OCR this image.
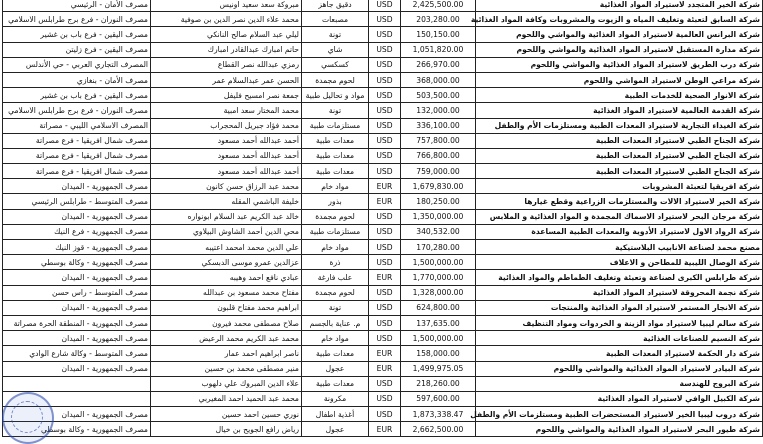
مصرف الأمان - الرئيسي	مبروكة سعد سعيد اونيس	دقيق جاهز	USD	2,425,500.00	شركة الخير المتجدد لاستيراد المواد الغذائية
مصرف النوران - فرع برج طرابلس الاسلامي	محمد علاء الدين نصر الدين بن صوفية	مصبعات	USD	203,280.00	شركة السابق لتعبئة وتغليف المياه و الزيوت والمشروبات وكافة المواد الغذائية
مصرف اليقين - فرع باب بن غشير	ليلي عبد السلام صالح النانكي	تونة	USD	150,150.00	شركة البرانس العالمية لاستيراد المواد الغذائية والمواشي واللحوم
مصرف اليقين - فرع زليتن	حاتم امبارك عبدالقادر امبارك	شاي	USD	1,051,820.00	شركة مدارة المستقبل لاستيراد المواد الغذائية والمواشي واللحوم
المصرف التجاري العربي - حي الأندلس	رمزي عبدالله نصر القطاع	كسكسي	USD	266,970.00	شركة درب الطريق لاستيراد المواد الغذائية والمواشي واللحوم
مصرف الأمان - بنغازي	الحسن عمر عبدالسلام عمر	لحوم مجمدة	USD	368,000.00	شركة مراعي الوطن لاستيراد المواشي واللحوم
مصرف اليقين - فرع باب بن غشير	جمعة نصر امسيح فليفل	مواد و تحاليل طبية	USD	503,500.00	شركة الانوار الصحية للخدمات الطبية
مصرف النوران - فرع برج طرابلس الاسلامي	محمد المختار سعد امبية	تونة	USD	132,000.00	شركة القدمة العالمية لاستيراد المواد الغذائية
المصرف الاسلامي الليبي - مصراتة	محمد فؤاد جبريل المحجراب	مستلزمات طبية	USD	336,100.00	شركة الغيداء التجارية لاستيراد المعدات الطبية ومستلزمات الأم والطفل
مصرف شمال افريقيا - فرع مصراتة	أحمد عبدالله أحمد مسعود	معدات طبية	USD	757,800.00	شركة الجناح الطبي لاستيراد المعدات الطبية
مصرف شمال افريقيا - فرع مصراتة	أحمد عبدالله أحمد مسعود	معدات طبية	USD	766,800.00	شركة الجناح الطبي لاستيراد المعدات الطبية
مصرف شمال افريقيا - فرع مصراتة	أحمد عبدالله أحمد مسعود	معدات طبية	USD	759,000.00	شركة الجناح الطبي لاستيراد المعدات الطبية
مصرف الجمهورية - الميدان	محمد عبد الرزاق حسن كانون	مواد خام	EUR	1,679,830.00	شركة افريقيا لتعبئة المشروبات
مصرف المتوسط - طرابلس الرئيسي	خليفة الباشمي المقله	بذور	EUR	180,250.00	شركة الخير لاستيراد الالات والمستلزمات الزراعية وقطع غيارها
مصرف الجمهورية - الميدان	خالد عبد الكريم عبد السلام ابونواره	لحوم مجمدة	USD	1,350,000.00	شركة مرجان البحر لاستيراد الاسماك المجمدة و المواد الغذائية و الملابس
مصرف الجمهورية - فرع النيك	محي الدين أحمد الشاوش البيلاوي	مستلزمات طبية	USD	340,532.00	شركة الرواد الاول لاستيراد الأدوية والمعدات الطبية المساعدة
مصرف الجمهورية - قوز النيك	علي الدين محمد امحمد اعتيبه	مواد خام	USD	170,280.00	مصنع محمد لصناعة الانابيب البلاستيكية
مصرف الجمهورية - وكالة بوسطي	عزالدين عمرو موسى الدبسكي	ذرة	USD	1,500,000.00	شركة الوصال الليبية للمطاحن و الاعلاف
مصرف الجمهورية - الميدان	عبادي نافع احمد وهيبه	علب فارغة	EUR	1,770,000.00	شركة طرابلس الكبرى لصناعة وتعبئة وتغليف الطماطم والمواد الغذائية
مصرف المتوسط - راس حسن	مفتاح محمد مسعود بن عبدالله	لحوم مجمدة	USD	1,328,000.00	شركة نجمة المحروقة لاستيراد المواد الغذائية
مصرف الجمهورية - الميدان	ابراهيم محمد مفتاح قلبون	تونة	USD	624,800.00	شركة الانجار المستمر لاستيراد المواد الغذائية والمنتجات
مصرف الجمهورية - المنطقة الحرة مصراتة	صلاح مصطفى محمد فيرون	م. عناية بالجسم	USD	137,635.00	شركة سالم ليبيا لاستيراد مواد الزينة و الخردوات ومواد التنظيف
مصرف الجمهورية - الميدان	محمد عبد الكريم محمد الرعيض	مواد خام	USD	1,500,000.00	شركة النسيم للصناعات الغذائية
مصرف المتوسط - وكالة شارع الوادي	ناصر ابراهيم احمد عمار	معدات طبية	EUR	158,000.00	شركة دار الحكمة لاستيراد المعدات الطبية
مصرف الجمهورية - الميدان	منير مصطفى محمد بن حسين	عجول	EUR	1,499,975.05	شركة البيادر لاستيراد المواد الغذائية والمواشي واللحوم
	علاء الدين المبروك علي دلهوب	معدات طبية	USD	218,260.00	شركة البروج للهندسة
	محمد عبد الحميد احمد المغيربي	مكرونة	USD	597,600.00	شركة الكبيل الوافي لاستيراد المواد الغذائية
مصرف الجمهورية - الميدان	نوري حسين احمد حسين	أغذية اطفال	USD	1,873,338.47	شركة دروب ليبيا الخير لاستيراد المستحضرات الطبية ومستلزمات الأم والطفل
مصرف الجمهورية - وكالة بوسطي	رياض رافع الجويح بن خيال	عجول	EUR	2,662,500.00	شركة طيور البحر لاستيراد المواد الغذائية والمواشي واللحوم
